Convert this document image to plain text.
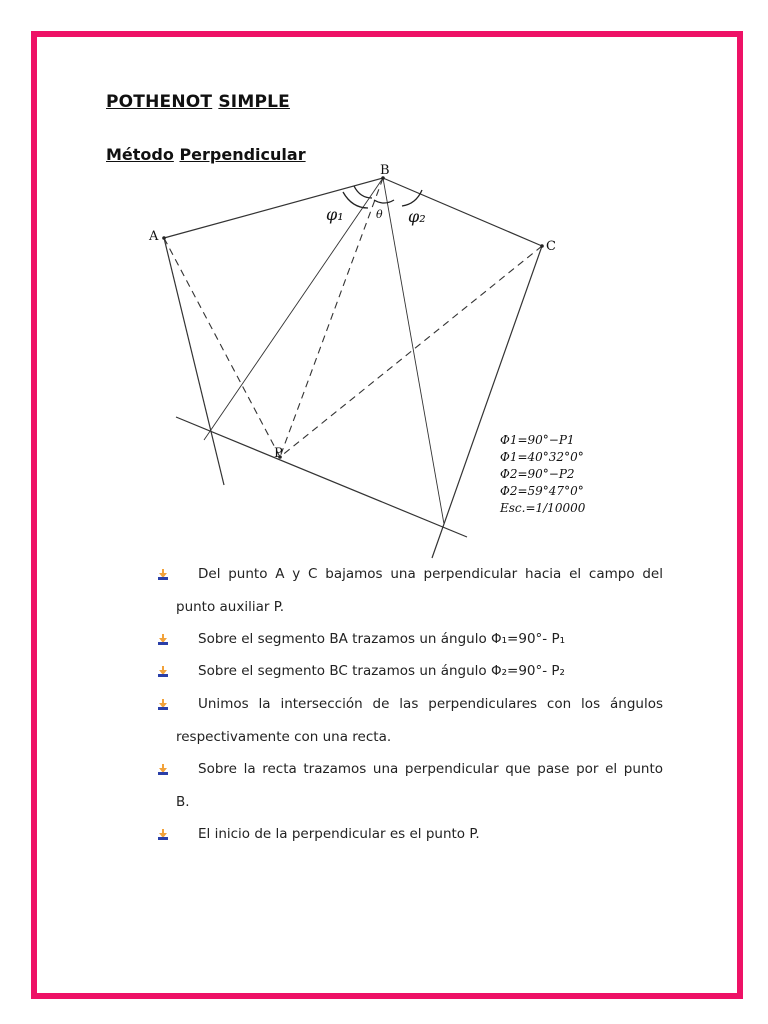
POTHENOT SIMPLE
Método Perpendicular
A
B
C
P
φ₁	φ₂
θ
Φ1=90°−P1
Φ1=40°32°0°
Φ2=90°−P2
Φ2=59°47°0°
Esc.=1/10000
Del punto A y C bajamos una perpendicular hacia el campo del
punto auxiliar P.
Sobre el segmento BA trazamos un ángulo Φ₁=90°- P₁
Sobre el segmento BC trazamos un ángulo Φ₂=90°- P₂
Unimos la intersección de las perpendiculares con los ángulos
respectivamente con una recta.
Sobre la recta trazamos una perpendicular que pase por el punto
B.
El inicio de la perpendicular es el punto P.
